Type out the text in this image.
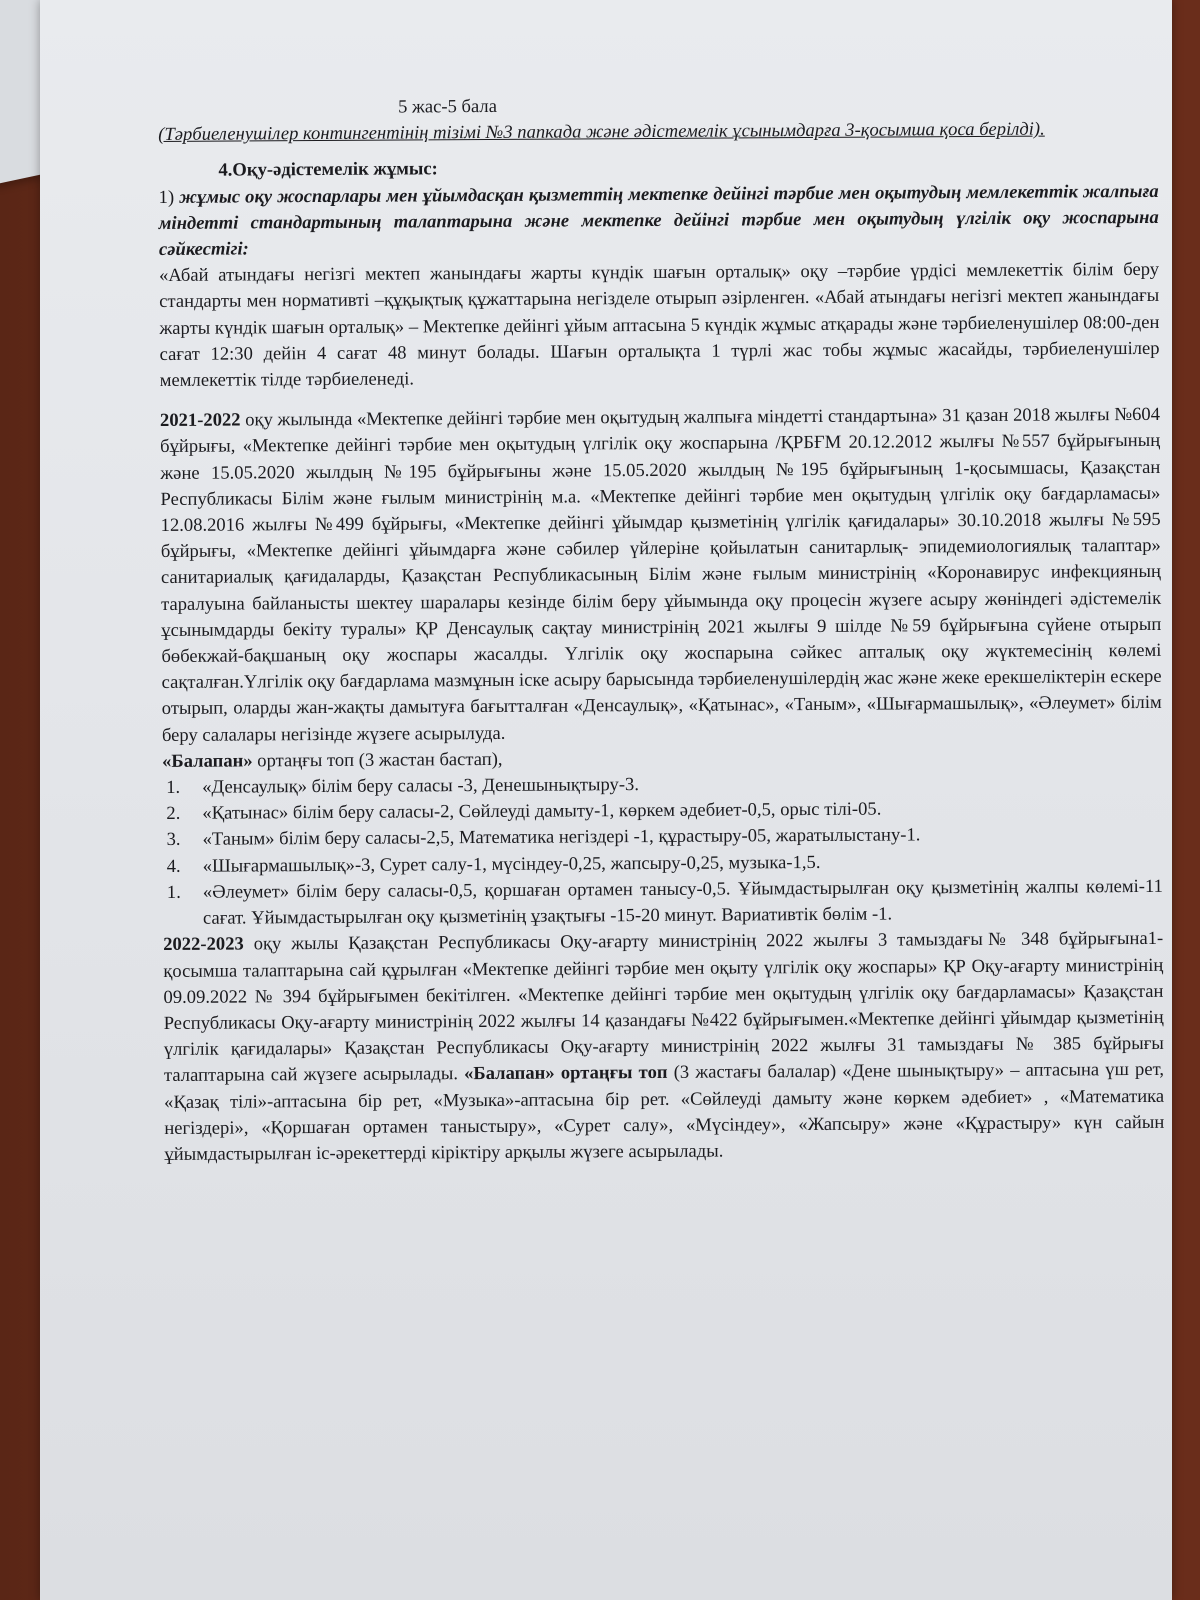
5 жас-5 бала
(Тәрбиеленушілер контингентінің тізімі №3 папкада және әдістемелік ұсынымдарға 3-қосымша қоса берілді).
4.Оқу-әдістемелік жұмыс:
1) жұмыс оқу жоспарлары мен ұйымдасқан қызметтің мектепке дейінгі тәрбие мен оқытудың мемлекеттік жалпыға міндетті стандартының талаптарына және мектепке дейінгі тәрбие мен оқытудың үлгілік оқу жоспарына сәйкестігі:

«Абай атындағы негізгі мектеп жанындағы жарты күндік шағын орталық» оқу –тәрбие үрдісі мемлекеттік білім беру стандарты мен нормативті –құқықтық құжаттарына негізделе отырып әзірленген. «Абай атындағы негізгі мектеп жанындағы жарты күндік шағын орталық» – Мектепке дейінгі ұйым аптасына 5 күндік жұмыс атқарады және тәрбиеленушілер 08:00-ден сағат 12:30 дейін 4 сағат 48 минут болады. Шағын орталықта 1 түрлі жас тобы жұмыс жасайды, тәрбиеленушілер мемлекеттік тілде тәрбиеленеді.

2021-2022 оқу жылында «Мектепке дейінгі тәрбие мен оқытудың жалпыға міндетті стандартына» 31 қазан 2018 жылғы №604 бұйрығы, «Мектепке дейінгі тәрбие мен оқытудың үлгілік оқу жоспарына /ҚРБҒМ 20.12.2012 жылғы №557 бұйрығының және 15.05.2020 жылдың №195 бұйрығыны және 15.05.2020 жылдың №195 бұйрығының 1-қосымшасы, Қазақстан Республикасы Білім және ғылым министрінің м.а. «Мектепке дейінгі тәрбие мен оқытудың үлгілік оқу бағдарламасы» 12.08.2016 жылғы №499 бұйрығы, «Мектепке дейінгі ұйымдар қызметінің үлгілік қағидалары» 30.10.2018 жылғы №595 бұйрығы, «Мектепке дейінгі ұйымдарға және сәбилер үйлеріне қойылатын санитарлық- эпидемиологиялық талаптар» санитариалық қағидаларды, Қазақстан Республикасының Білім және ғылым министрінің «Коронавирус инфекцияның таралуына байланысты шектеу шаралары кезінде білім беру ұйымында оқу процесін жүзеге асыру жөніндегі әдістемелік ұсынымдарды бекіту туралы» ҚР Денсаулық сақтау министрінің 2021 жылғы 9 шілде №59 бұйрығына сүйене отырып бөбекжай-бақшаның оқу жоспары жасалды. Үлгілік оқу жоспарына сәйкес апталық оқу жүктемесінің көлемі сақталған.Үлгілік оқу бағдарлама мазмұнын іске асыру барысында тәрбиеленушілердің жас және жеке ерекшеліктерін ескере отырып, оларды жан-жақты дамытуға бағытталған «Денсаулық», «Қатынас», «Таным», «Шығармашылық», «Әлеумет» білім беру салалары негізінде жүзеге асырылуда.

«Балапан» ортаңғы топ (3 жастан бастап),

1. «Денсаулық» білім беру саласы -3, Денешынықтыру-3.
2. «Қатынас» білім беру саласы-2, Сөйлеуді дамыту-1, көркем әдебиет-0,5, орыс тілі-05.
3. «Таным» білім беру саласы-2,5, Математика негіздері -1, құрастыру-05, жаратылыстану-1.
4. «Шығармашылық»-3, Сурет салу-1, мүсіндеу-0,25, жапсыру-0,25, музыка-1,5.
1. «Әлеумет» білім беру саласы-0,5, қоршаған ортамен танысу-0,5. Ұйымдастырылған оқу қызметінің жалпы көлемі-11 сағат. Ұйымдастырылған оқу қызметінің ұзақтығы -15-20 минут. Вариативтік бөлім -1.

2022-2023 оқу жылы Қазақстан Республикасы Оқу-ағарту министрінің 2022 жылғы 3 тамыздағы№ 348 бұйрығына1-қосымша талаптарына сай құрылған «Мектепке дейінгі тәрбие мен оқыту үлгілік оқу жоспары» ҚР Оқу-ағарту министрінің 09.09.2022 № 394 бұйрығымен бекітілген. «Мектепке дейінгі тәрбие мен оқытудың үлгілік оқу бағдарламасы» Қазақстан Республикасы Оқу-ағарту министрінің 2022 жылғы 14 қазандағы №422 бұйрығымен.«Мектепке дейінгі ұйымдар қызметінің үлгілік қағидалары» Қазақстан Республикасы Оқу-ағарту министрінің 2022 жылғы 31 тамыздағы № 385 бұйрығы талаптарына сай жүзеге асырылады. «Балапан» ортаңғы топ (3 жастағы балалар) «Дене шынықтыру» – аптасына үш рет, «Қазақ тілі»-аптасына бір рет, «Музыка»-аптасына бір рет. «Сөйлеуді дамыту және көркем әдебиет» , «Математика негіздері», «Қоршаған ортамен таныстыру», «Сурет салу», «Мүсіндеу», «Жапсыру» және «Құрастыру» күн сайын ұйымдастырылған іс-әрекеттерді кіріктіру арқылы жүзеге асырылады.
